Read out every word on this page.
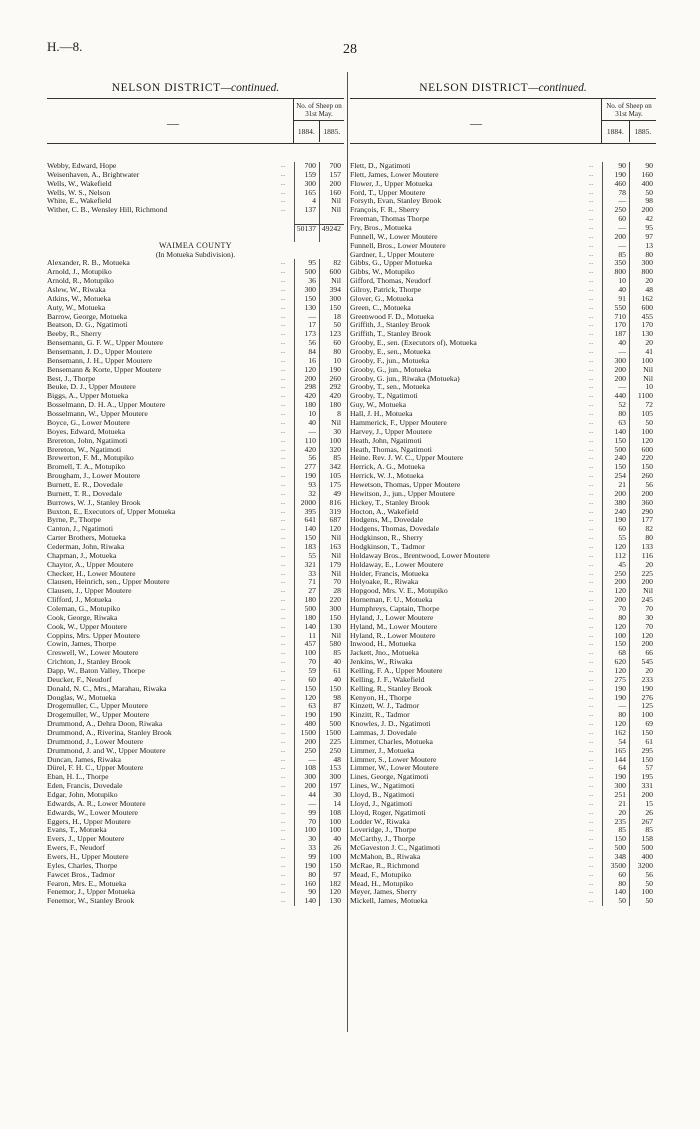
H.—8.	28
NELSON DISTRICT—continued.
—
No. of Sheep on 31st May.
1884.	1885.
Webby, Edward, Hope	...	700	700
Weisenhaven, A., Brightwater	...	159	157
Wells, W., Wakefield	...	300	200
Wells, W. S., Nelson	...	165	160
White, E., Wakefield	...	4	Nil
Wither, C. B., Wensley Hill, Richmond	...	137	Nil
50137 49242
WAIMEA COUNTY
(In Motueka Subdivision).
Alexander, R. B., Motueka	...	95	82
Arnold, J., Motupiko	...	500	600
Arnold, R., Motupiko	...	36	Nil
Aslew, W., Riwaka	...	300	394
Atkins, W., Motueka	...	150	300
Auty, W., Motueka	...	130	150
Barrow, George, Motueka	...	—	18
Beatson, D. G., Ngatimoti	...	17	50
Beeby, R., Sherry	...	173	123
Bensemann, G. F. W., Upper Moutere	...	56	60
Bensemann, J. D., Upper Moutere	...	84	80
Bensemann, J. H., Upper Moutere	...	16	10
Bensemann & Korte, Upper Moutere	...	120	190
Best, J., Thorpe	...	200	260
Beuke, D. J., Upper Moutere	...	298	292
Biggs, A., Upper Motueka	...	420	420
Bosselmann, D. H. A., Upper Moutere	...	180	180
Bosselmann, W., Upper Moutere	...	10	8
Boyce, G., Lower Moutere	...	40	Nil
Boyes, Edward, Motueka	...	—	30
Brereton, John, Ngatimoti	...	110	100
Brereton, W., Ngatimoti	...	420	320
Brewerton, F. M., Motupiko	...	56	85
Bromell, T. A., Motupiko	...	277	342
Brougham, J., Lower Moutere	...	190	105
Burnett, E. R., Dovedale	...	93	175
Burnett, T. R., Dovedale	...	32	49
Burrows, W. J., Stanley Brook	...	2000	816
Buxton, E., Executors of, Upper Motueka	...	395	319
Byrne, P., Thorpe	...	641	687
Canton, J., Ngatimoti	...	140	120
Carter Brothers, Motueka	...	150	Nil
Cederman, John, Riwaka	...	183	163
Chapman, J., Motueka	...	55	Nil
Chaytor, A., Upper Moutere	...	321	179
Checker, H., Lower Moutere	...	33	Nil
Clausen, Heinrich, sen., Upper Moutere	...	71	70
Clausen, J., Upper Moutere	...	27	28
Clifford, J., Motueka	...	180	220
Coleman, G., Motupiko	...	500	300
Cook, George, Riwaka	...	180	150
Cook, W., Upper Moutere	...	140	130
Coppins, Mrs. Upper Moutere	...	11	Nil
Cowin, James, Thorpe	...	457	580
Creswell, W., Lower Moutere	...	100	85
Crichton, J., Stanley Brook	...	70	40
Dapp, W., Baton Valley, Thorpe	...	59	61
Deucker, F., Neudorf	...	60	40
Donald, N. C., Mrs., Marahau, Riwaka	...	150	150
Douglas, W., Motueka	...	120	98
Drogemuller, C., Upper Moutere	...	63	87
Drogemuller, W., Upper Moutere	...	190	190
Drummond, A., Dehra Doon, Riwaka	...	480	500
Drummond, A., Riverina, Stanley Brook	...	1500	1500
Drummond, J., Lower Moutere	...	200	225
Drummond, J. and W., Upper Moutere	...	250	250
Duncan, James, Riwaka	...	—	48
Dürel, F. H. C., Upper Moutere	...	108	153
Eban, H. L., Thorpe	...	300	300
Eden, Francis, Dovedale	...	200	197
Edgar, John, Motupiko	...	44	30
Edwards, A. R., Lower Moutere	...	—	14
Edwards, W., Lower Moutere	...	99	108
Eggers, H., Upper Moutere	...	70	100
Evans, T., Motueka	...	100	100
Evers, J., Upper Moutere	...	30	40
Ewers, F., Neudorf	...	33	26
Ewers, H., Upper Moutere	...	99	100
Eyles, Charles, Thorpe	...	190	150
Fawcet Bros., Tadmor	...	80	97
Fearon, Mrs. E., Motueka	...	160	182
Fenemor, J., Upper Motueka	...	90	120
Fenemor, W., Stanley Brook	...	140	130
NELSON DISTRICT—continued.
—
No. of Sheep on 31st May.
1884.	1885.
Flett, D., Ngatimoti	...	90	90
Flett, James, Lower Moutere	...	190	160
Flower, J., Upper Motueka	...	460	400
Ford, T., Upper Moutere	...	78	50
Forsyth, Evan, Stanley Brook	...	—	98
François, F. R., Sherry	...	250	200
Freeman, Thomas Thorpe	...	60	42
Fry, Bros., Motueka	...	—	95
Funnell, W., Lower Moutere	...	200	97
Funnell, Bros., Lower Moutere	...	—	13
Gardner, I., Upper Moutere	...	85	80
Gibbs, G., Upper Motueka	...	350	300
Gibbs, W., Motupiko	...	800	800
Gifford, Thomas, Neudorf	...	10	20
Gilroy, Patrick, Thorpe	...	40	48
Glover, G., Motueka	...	91	162
Green, C., Motueka	...	550	600
Greenwood F. D., Motueka	...	710	455
Griffith, J., Stanley Brook	...	170	170
Griffith, T., Stanley Brook	...	187	130
Grooby, E., sen. (Executors of), Motueka	...	40	20
Grooby, E., sen., Motueka	...	—	41
Grooby, F., jun., Motueka	...	300	100
Grooby, G., jun., Motueka	...	200	Nil
Grooby, G. jun., Riwaka (Motueka)	...	200	Nil
Grooby, T., sen., Motueka	...	—	10
Grooby, T., Ngatimoti	...	440	1100
Guy, W., Motueka	...	52	72
Hall, J. H., Motueka	...	80	105
Hammerick, F., Upper Moutere	...	63	50
Harvey, J., Upper Moutere	...	140	100
Heath, John, Ngatimoti	...	150	120
Heath, Thomas, Ngatimoti	...	500	600
Heine. Rev. J. W. C., Upper Moutere	...	240	220
Herrick, A. G., Motueka	...	150	150
Herrick, W. J., Motueka	...	254	260
Hewetson, Thomas, Upper Moutere	...	21	56
Hewitson, J., jun., Upper Moutere	...	200	200
Hickey, T., Stanley Brook	...	380	360
Hocton, A., Wakefield	...	240	290
Hodgens, M., Dovedale	...	190	177
Hodgens, Thomas, Dovedale	...	60	82
Hodgkinson, R., Sherry	...	55	80
Hodgkinson, T., Tadmor	...	120	133
Holdaway Bros., Brentwood, Lower Moutere	...	112	116
Holdaway, E., Lower Moutere	...	45	20
Holder, Francis, Motueka	...	250	225
Holyoake, R., Riwaka	...	200	200
Hopgood, Mrs. V. E., Motupiko	...	120	Nil
Horneman, F. U., Motueka	...	200	245
Humphreys, Captain, Thorpe	...	70	70
Hyland, J., Lower Moutere	...	80	30
Hyland, M., Lower Moutere	...	120	70
Hyland, R., Lower Moutere	...	100	120
Inwood, H., Motueka	...	150	200
Jackett, Jno., Motueka	...	68	66
Jenkins, W., Riwaka	...	620	545
Kelling, F. A., Upper Moutere	...	120	20
Kelling, J. F., Wakefield	...	275	233
Kelling, R., Stanley Brook	...	190	190
Kenyon, H., Thorpe	...	190	276
Kinzett, W. J., Tadmor	...	—	125
Kinzitt, R., Tadmor	...	80	100
Knowles, J. D., Ngatimoti	...	120	69
Lammas, J. Dovedale	...	162	150
Limmer, Charles, Motueka	...	54	61
Limmer, J., Motueka	...	165	295
Limmer, S., Lower Moutere	...	144	150
Limmer, W., Lower Moutere	...	64	57
Lines, George, Ngatimoti	...	190	195
Lines, W., Ngatimoti	...	300	331
Lloyd, B., Ngatimoti	...	251	200
Lloyd, J., Ngatimoti	...	21	15
Lloyd, Roger, Ngatimoti	...	20	26
Lodder W., Riwaka	...	235	267
Loveridge, J., Thorpe	...	85	85
McCarthy, J., Thorpe	...	150	158
McGaveston J. C., Ngatimoti	...	500	500
McMahon, B., Riwaka	...	348	400
McRae, R., Richmond	...	3500	3200
Mead, F., Motupiko	...	60	56
Mead, H., Motupiko	...	80	50
Meyer, James, Sherry	...	140	100
Mickell, James, Motueka	...	50	50
